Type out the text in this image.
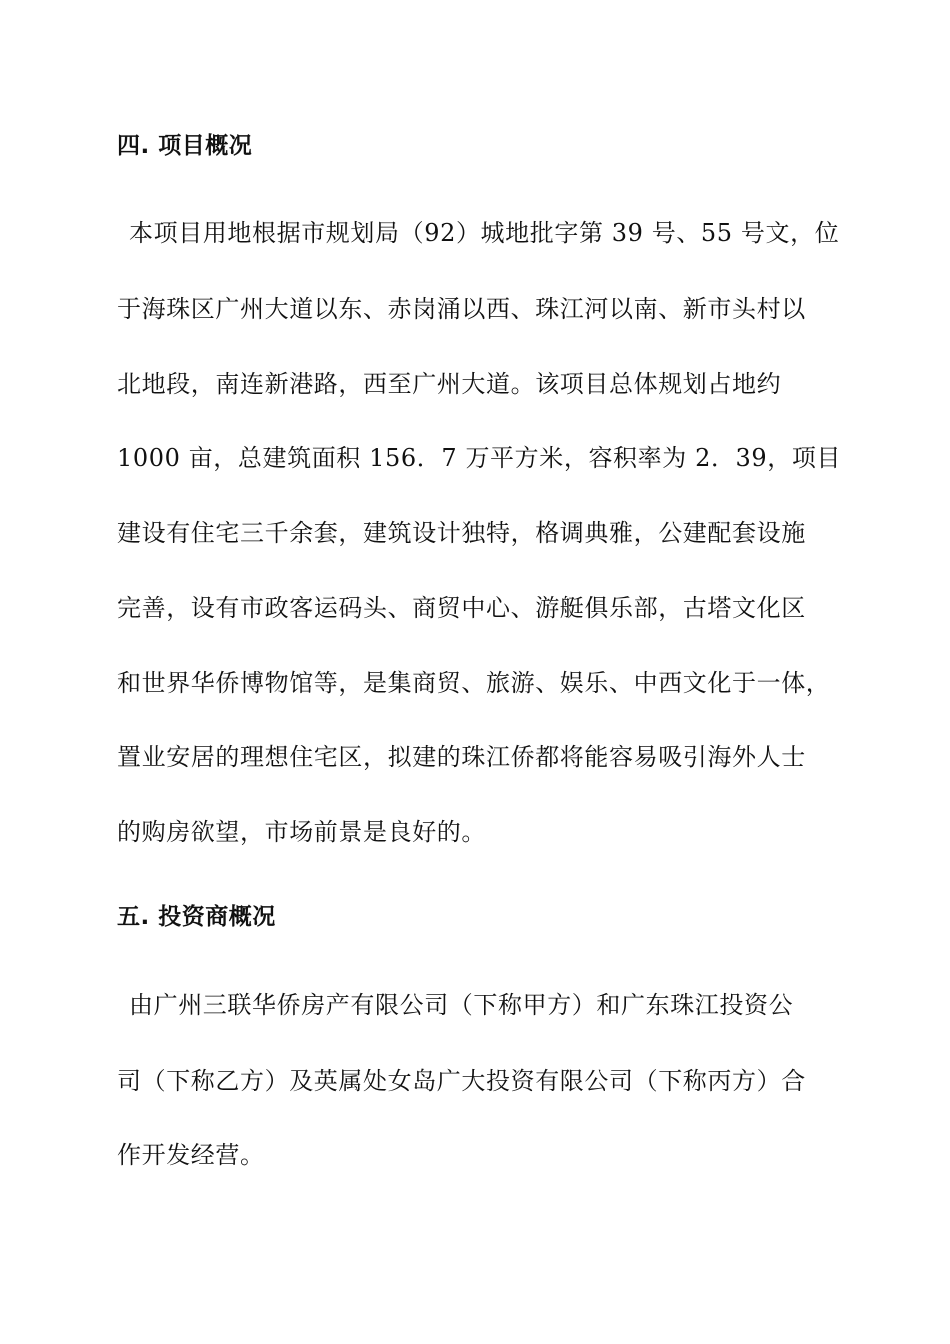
四. 项目概况
本项目用地根据市规划局（92）城地批字第 39 号、55 号文，位
于海珠区广州大道以东、赤岗涌以西、珠江河以南、新市头村以
北地段，南连新港路，西至广州大道。该项目总体规划占地约
1000 亩，总建筑面积 156．7 万平方米，容积率为 2．39，项目
建设有住宅三千余套，建筑设计独特，格调典雅，公建配套设施
完善，设有市政客运码头、商贸中心、游艇俱乐部，古塔文化区
和世界华侨博物馆等，是集商贸、旅游、娱乐、中西文化于一体，
置业安居的理想住宅区，拟建的珠江侨都将能容易吸引海外人士
的购房欲望，市场前景是良好的。
五. 投资商概况
由广州三联华侨房产有限公司（下称甲方）和广东珠江投资公
司（下称乙方）及英属处女岛广大投资有限公司（下称丙方）合
作开发经营。
